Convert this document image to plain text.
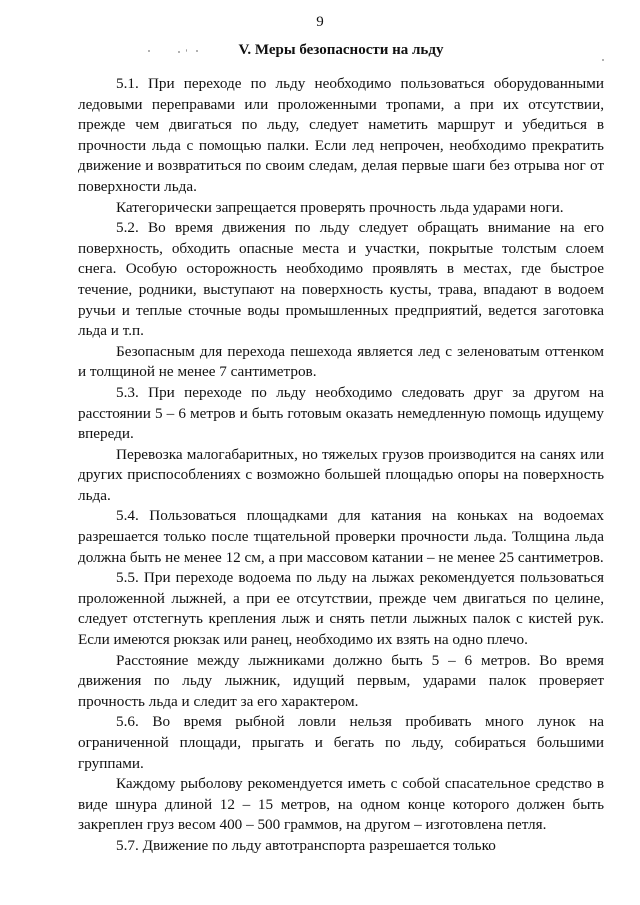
9
V. Меры безопасности на льду

5.1. При переходе по льду необходимо пользоваться оборудованными ледовыми переправами или проложенными тропами, а при их отсутствии, прежде чем двигаться по льду, следует наметить маршрут и убедиться в прочности льда с помощью палки. Если лед непрочен, необходимо прекратить движение и возвратиться по своим следам, делая первые шаги без отрыва ног от поверхности льда.

Категорически запрещается проверять прочность льда ударами ноги.

5.2. Во время движения по льду следует обращать внимание на его поверхность, обходить опасные места и участки, покрытые толстым слоем снега. Особую осторожность необходимо проявлять в местах, где быстрое течение, родники, выступают на поверхность кусты, трава, впадают в водоем ручьи и теплые сточные воды промышленных предприятий, ведется заготовка льда и т.п.

Безопасным для перехода пешехода является лед с зеленоватым оттенком и толщиной не менее 7 сантиметров.

5.3. При переходе по льду необходимо следовать друг за другом на расстоянии 5 – 6 метров и быть готовым оказать немедленную помощь идущему впереди.

Перевозка малогабаритных, но тяжелых грузов производится на санях или других приспособлениях с возможно большей площадью опоры на поверхность льда.

5.4. Пользоваться площадками для катания на коньках на водоемах разрешается только после тщательной проверки прочности льда. Толщина льда должна быть не менее 12 см, а при массовом катании – не менее 25 сантиметров.

5.5. При переходе водоема по льду на лыжах рекомендуется пользоваться проложенной лыжней, а при ее отсутствии, прежде чем двигаться по целине, следует отстегнуть крепления лыж и снять петли лыжных палок с кистей рук. Если имеются рюкзак или ранец, необходимо их взять на одно плечо.

Расстояние между лыжниками должно быть 5 – 6 метров. Во время движения по льду лыжник, идущий первым, ударами палок проверяет прочность льда и следит за его характером.

5.6. Во время рыбной ловли нельзя пробивать много лунок на ограниченной площади, прыгать и бегать по льду, собираться большими группами.

Каждому рыболову рекомендуется иметь с собой спасательное средство в виде шнура длиной 12 – 15 метров, на одном конце которого должен быть закреплен груз весом 400 – 500 граммов, на другом – изготовлена петля.

5.7. Движение по льду автотранспорта разрешается только
